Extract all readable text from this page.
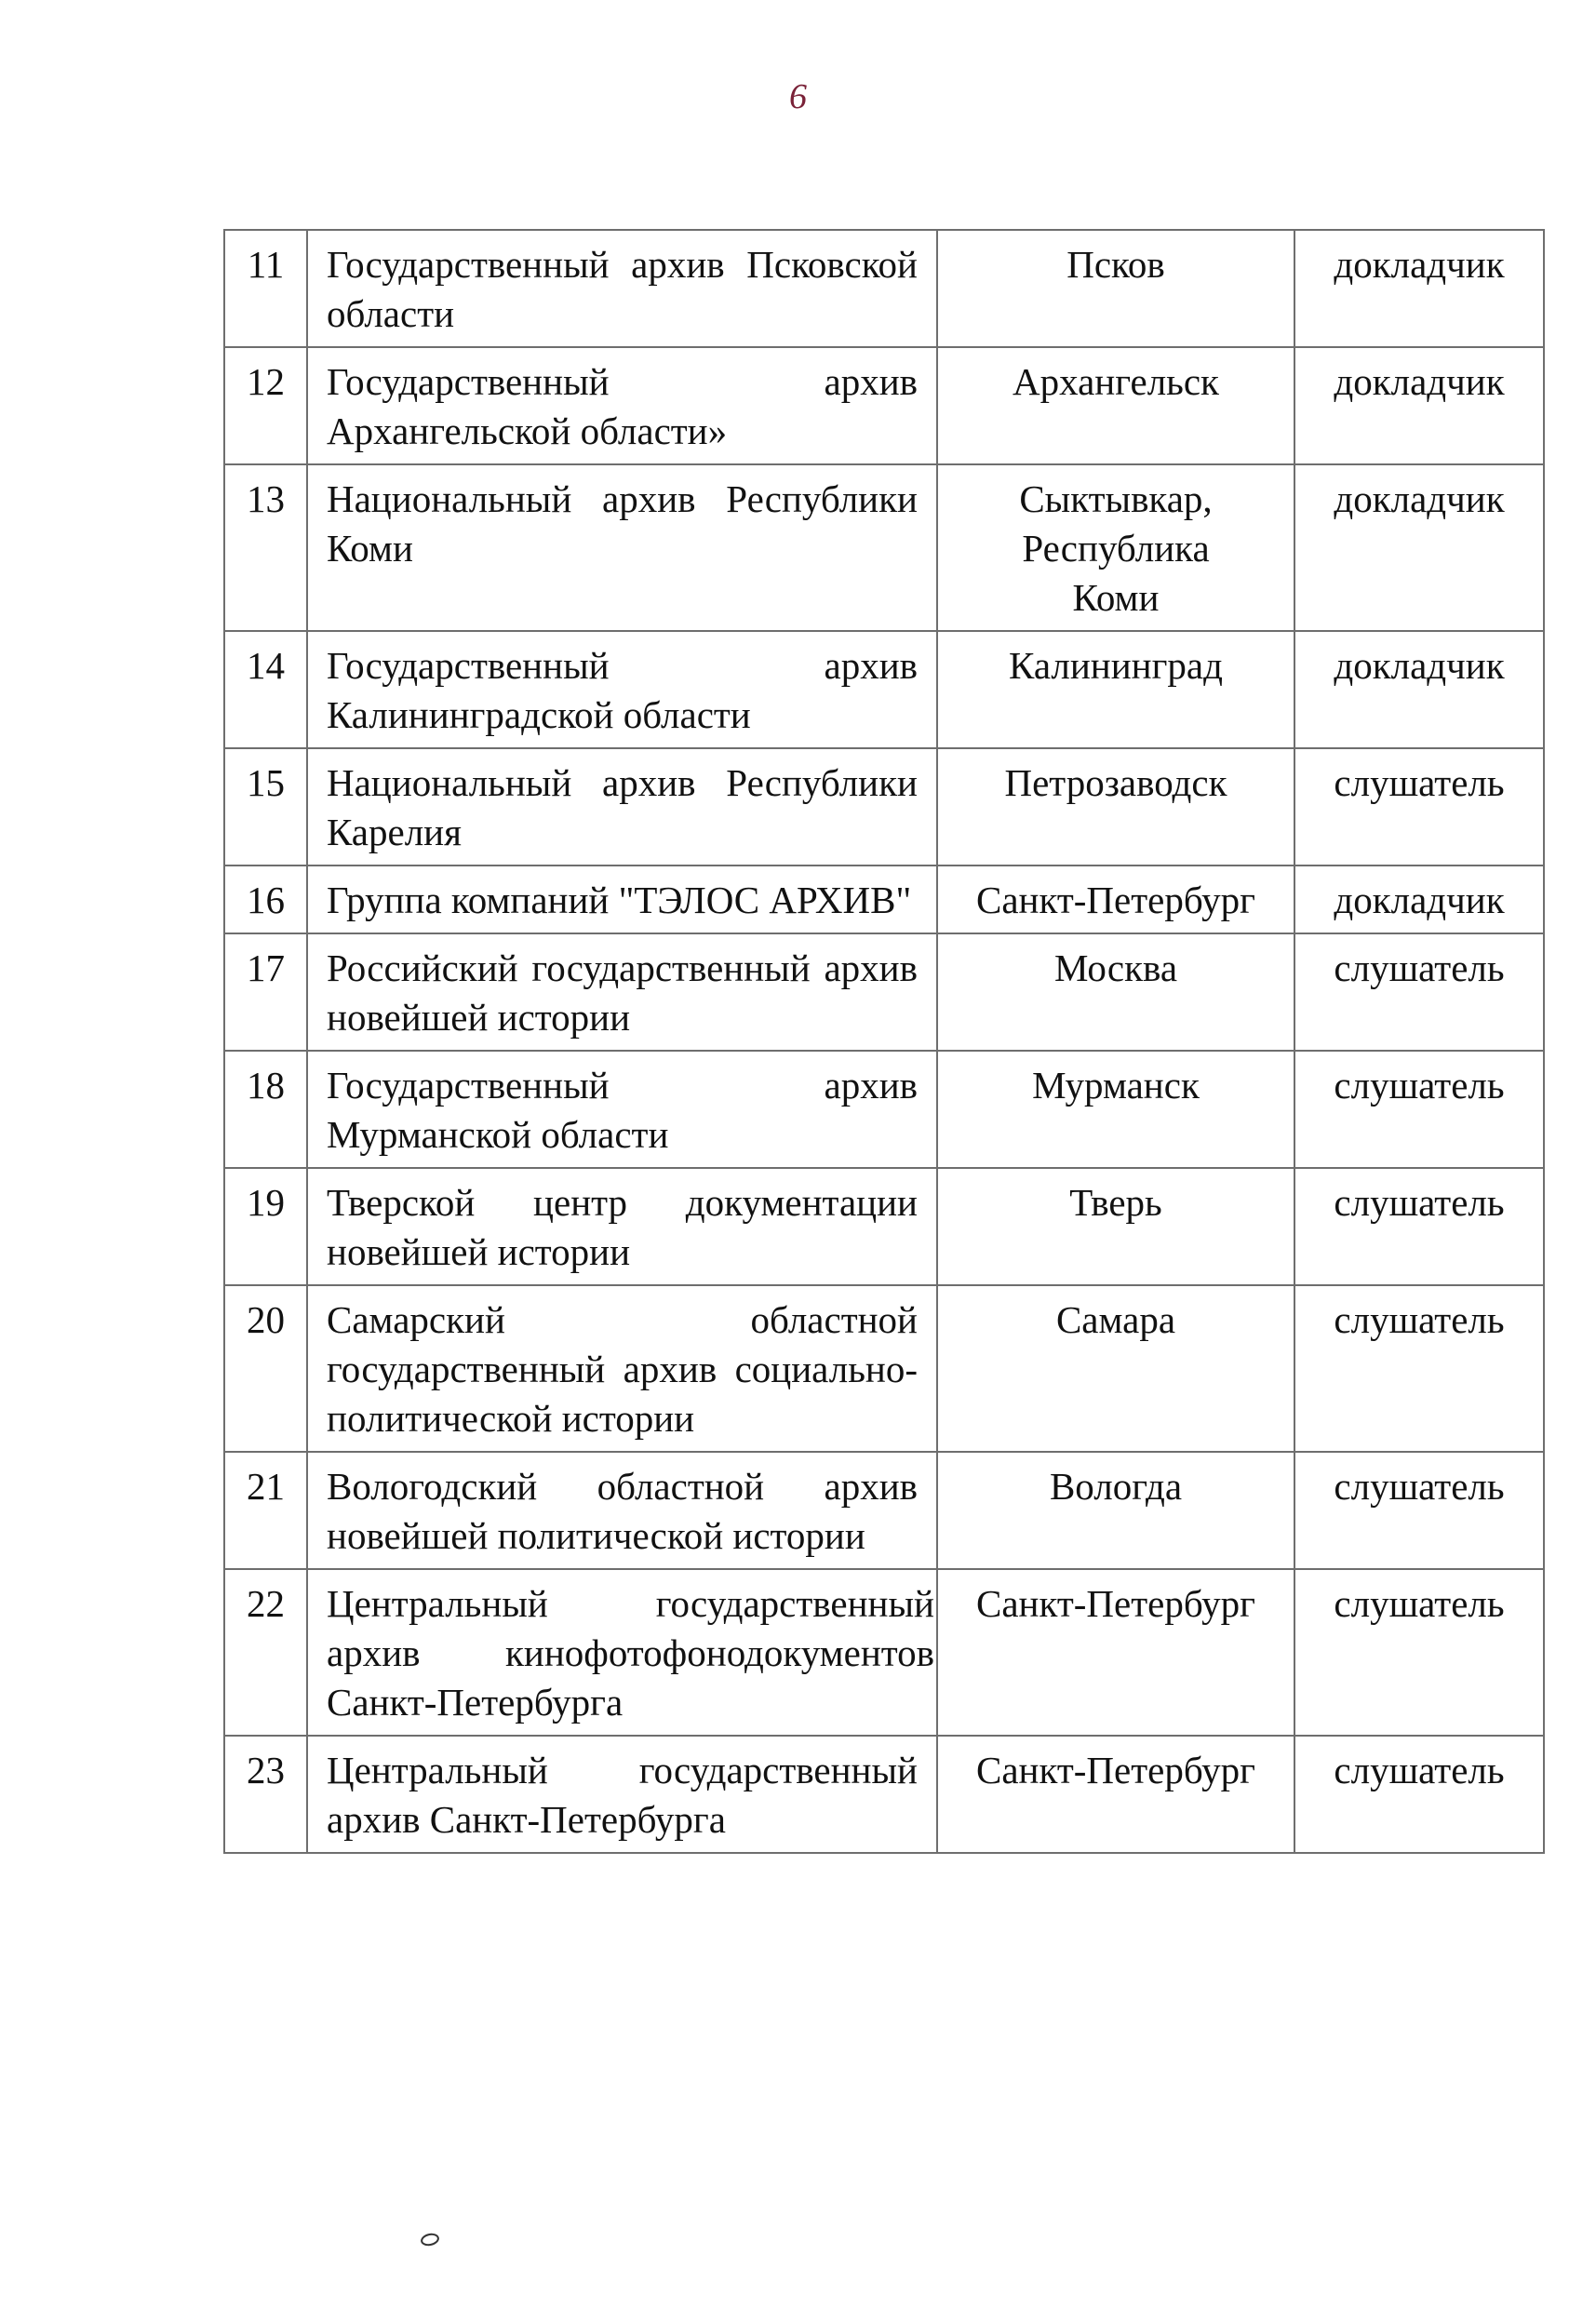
6
11	Государственный архив Псковской области	Псков	докладчик
12	Государственный архив Архангельской области»	Архангельск	докладчик
13	Национальный архив Республики Коми	Сыктывкар, Республика Коми	докладчик
14	Государственный архив Калининградской области	Калининград	докладчик
15	Национальный архив Республики Карелия	Петрозаводск	слушатель
16	Группа компаний "ТЭЛОС АРХИВ"	Санкт-Петербург	докладчик
17	Российский государственный архив новейшей истории	Москва	слушатель
18	Государственный архив Мурманской области	Мурманск	слушатель
19	Тверской центр документации новейшей истории	Тверь	слушатель
20	Самарский областной государственный архив социально-политической истории	Самара	слушатель
21	Вологодский областной архив новейшей политической истории	Вологда	слушатель
22	Центральный государственный архив кинофотофонодокументов Санкт-Петербурга	Санкт-Петербург	слушатель
23	Центральный государственный архив Санкт-Петербурга	Санкт-Петербург	слушатель
